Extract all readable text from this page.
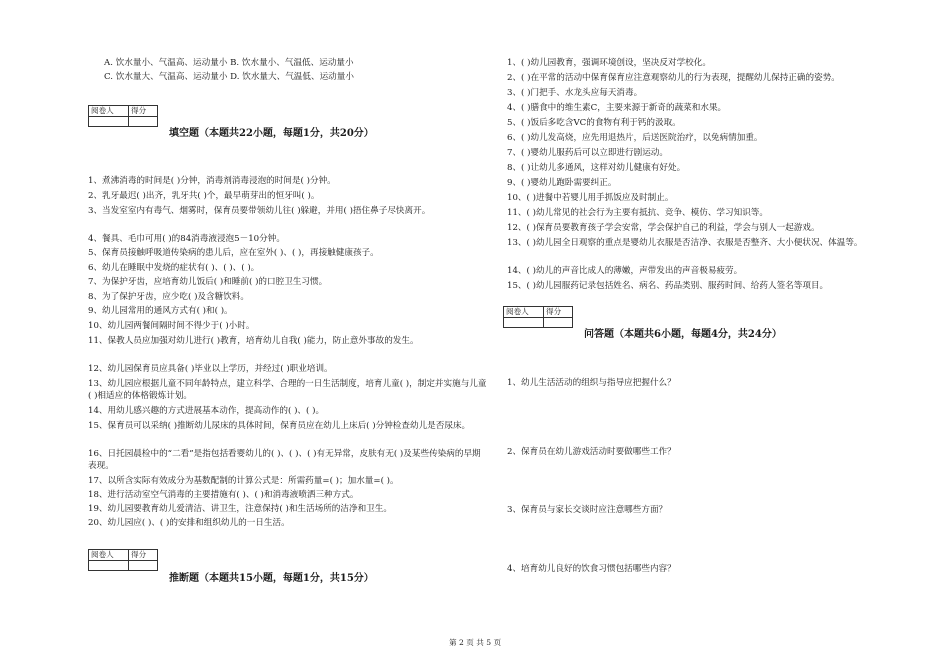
A. 饮水量小、气温高、运动量小 B. 饮水量小、气温低、运动量小
C. 饮水量大、气温高、运动量小 D. 饮水量大、气温低、运动量小
阅卷人	得分
填空题（本题共22小题，每题1分，共20分）
1、煮沸消毒的时间是( )分钟，消毒剂消毒浸泡的时间是( )分钟。
2、乳牙最迟( )出齐，乳牙共( )个，最早萌芽出的恒牙叫( )。
3、当发室室内有毒气、烟雾时，保育员要带领幼儿往( )躲避，并用( )捂住鼻子尽快离开。
4、餐具、毛巾可用( )的84消毒液浸泡5－10分钟。
5、保育员接触呼吸道传染病的患儿后，应在室外( )、( )，再接触健康孩子。
6、幼儿在睡眠中发烧的症状有( )、( )、( )。
7、为保护牙齿，应培育幼儿饭后( )和睡前( )的口腔卫生习惯。
8、为了保护牙齿，应少吃( )及含糖饮料。
9、幼儿园常用的通风方式有( )和( )。
10、幼儿园两餐间隔时间不得少于( )小时。
11、保教人员应加强对幼儿进行( )教育，培育幼儿自我( )能力，防止意外事故的发生。
12、幼儿园保育员应具备( )毕业以上学历，并经过( )职业培训。
13、幼儿园应根据儿童不同年龄特点，建立科学、合理的一日生活制度，培育儿童( )，制定并实施与儿童( )相适应的体格锻炼计划。
14、用幼儿感兴趣的方式进展基本动作，提高动作的( )、( )。
15、保育员可以采纳( )推断幼儿尿床的具体时间，保育员应在幼儿上床后( )分钟检查幼儿是否尿床。
16、日托园晨检中的“二看”是指包括看婴幼儿的( )、( )、( )有无异常，皮肤有无( )及某些传染病的早期表现。
17、以所含实际有效成分为基数配制的计算公式是：所需药量=( )；加水量=( )。
18、进行活动室空气消毒的主要措施有( )、( )和消毒液喷洒三种方式。
19、幼儿园要教育幼儿爱清洁、讲卫生，注意保持( )和生活场所的洁净和卫生。
20、幼儿园应( )、( )的安排和组织幼儿的一日生活。
阅卷人	得分
推断题（本题共15小题，每题1分，共15分）
1、( )幼儿园教育，强调环境创设，坚决反对学校化。
2、( )在平常的活动中保育保育应注意观察幼儿的行为表现，提醒幼儿保持正确的姿势。
3、( )门把手、水龙头应每天消毒。
4、( )膳食中的维生素C，主要来源于新奇的蔬菜和水果。
5、( )饭后多吃含VC的食物有利于钙的汲取。
6、( )幼儿发高烧，应先用退热片，后送医院治疗，以免病情加重。
7、( )婴幼儿服药后可以立即进行剧运动。
8、( )让幼儿多通风，这样对幼儿健康有好处。
9、( )婴幼儿跑卧需要纠正。
10、( )进餐中若婴儿用手抓饭应及时制止。
11、( )幼儿常见的社会行为主要有抵抗、竞争、模仿、学习知识等。
12、( )保育员要教育孩子学会安常，学会保护自己的利益，学会与别人一起游戏。
13、( )幼儿园全日观察的重点是婴幼儿衣服是否洁净、衣服是否整齐、大小便状况、体温等。
14、( )幼儿的声音比成人的薄嫩，声带发出的声音极易疲劳。
15、( )幼儿园服药记录包括姓名、病名、药品类别、服药时间、给药人签名等项目。
阅卷人	得分
问答题（本题共6小题，每题4分，共24分）
1、幼儿生活活动的组织与指导应把握什么？
2、保育员在幼儿游戏活动时要做哪些工作？
3、保育员与家长交谈时应注意哪些方面？
4、培育幼儿良好的饮食习惯包括哪些内容？
第 2 页 共 5 页
